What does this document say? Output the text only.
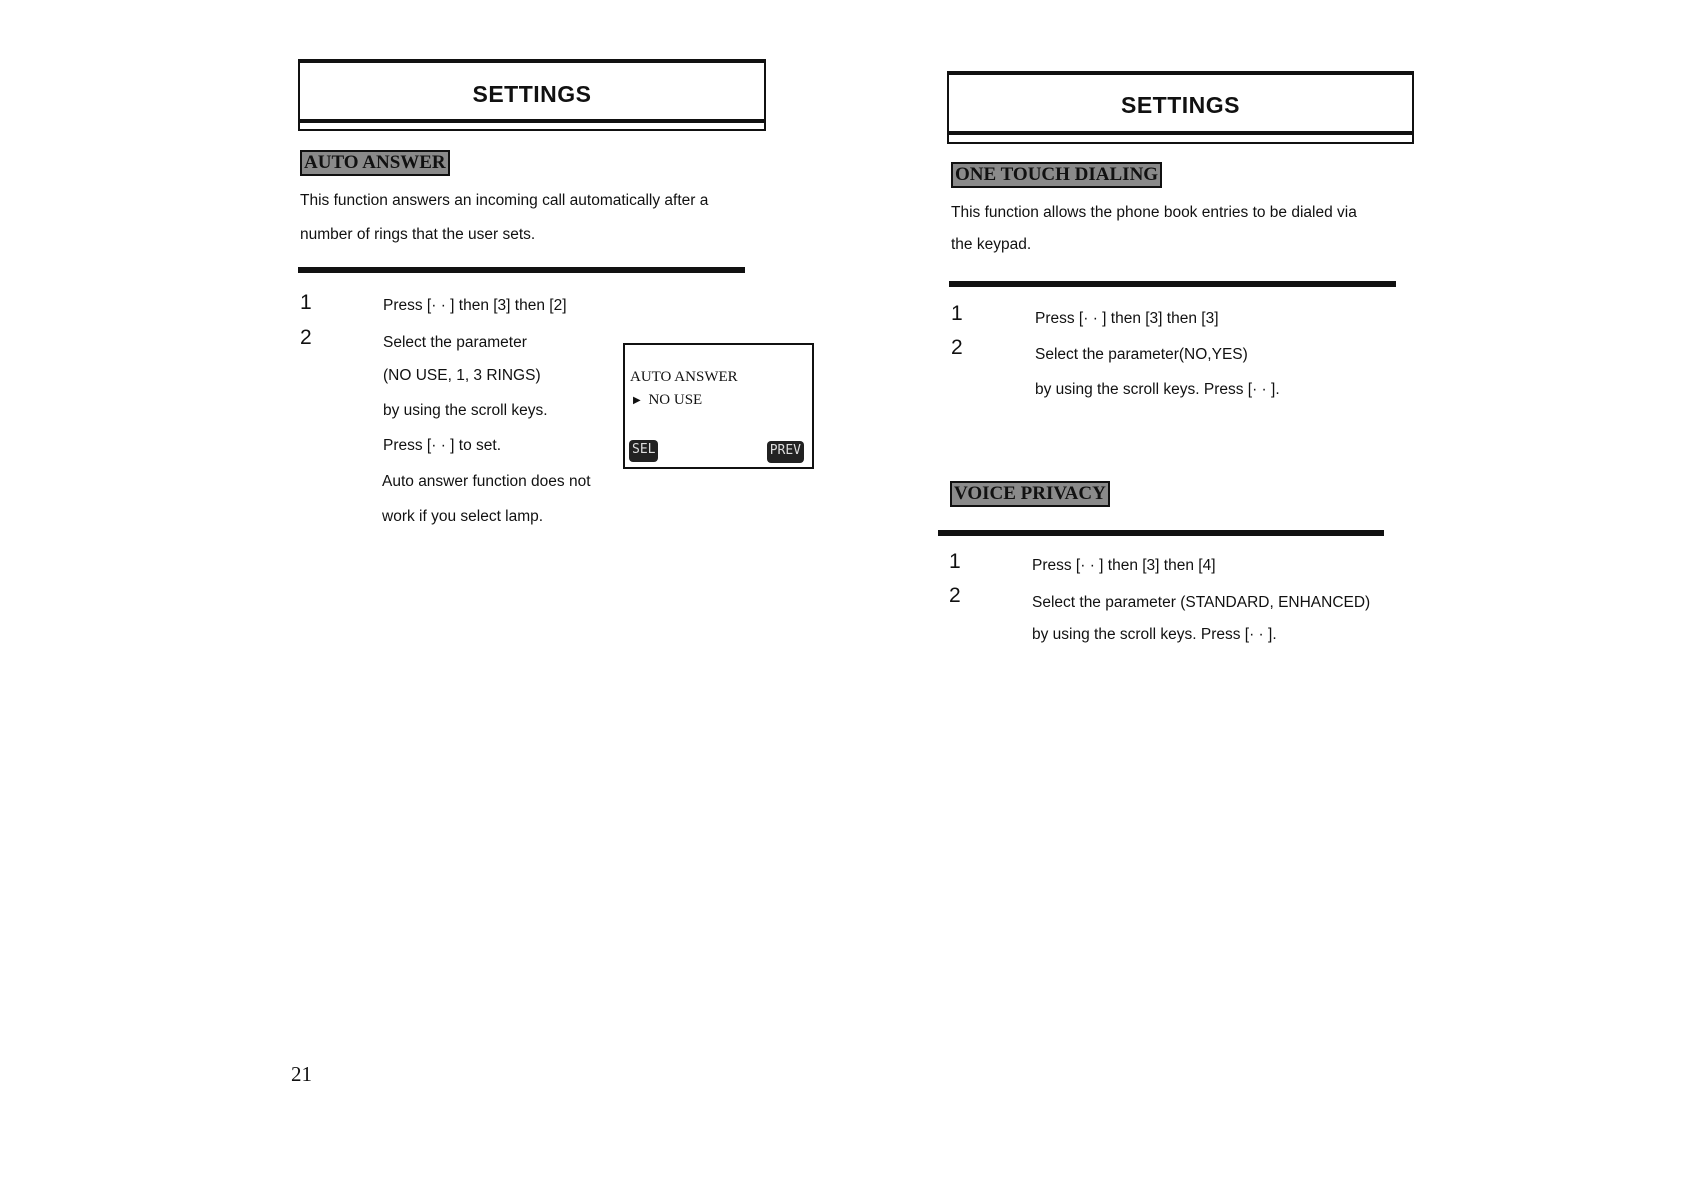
SETTINGS
AUTO ANSWER
This function answers an incoming call automatically after a
number of rings that the user sets.
1	Press [· · ] then [3] then [2]
2	Select the parameter
(NO USE, 1, 3 RINGS)
by using the scroll keys.
Press [· · ] to set.
Auto answer function does not
work if you select lamp.
AUTO ANSWER
▶ NO USE
SEL	PREV
21
SETTINGS
ONE TOUCH DIALING
This function allows the phone book entries to be dialed via
the keypad.
1	Press [· · ] then [3] then [3]
2	Select the parameter(NO,YES)
by using the scroll keys. Press [· · ].
VOICE PRIVACY
1	Press [· · ] then [3] then [4]
2	Select the parameter (STANDARD, ENHANCED)
by using the scroll keys. Press [· · ].
